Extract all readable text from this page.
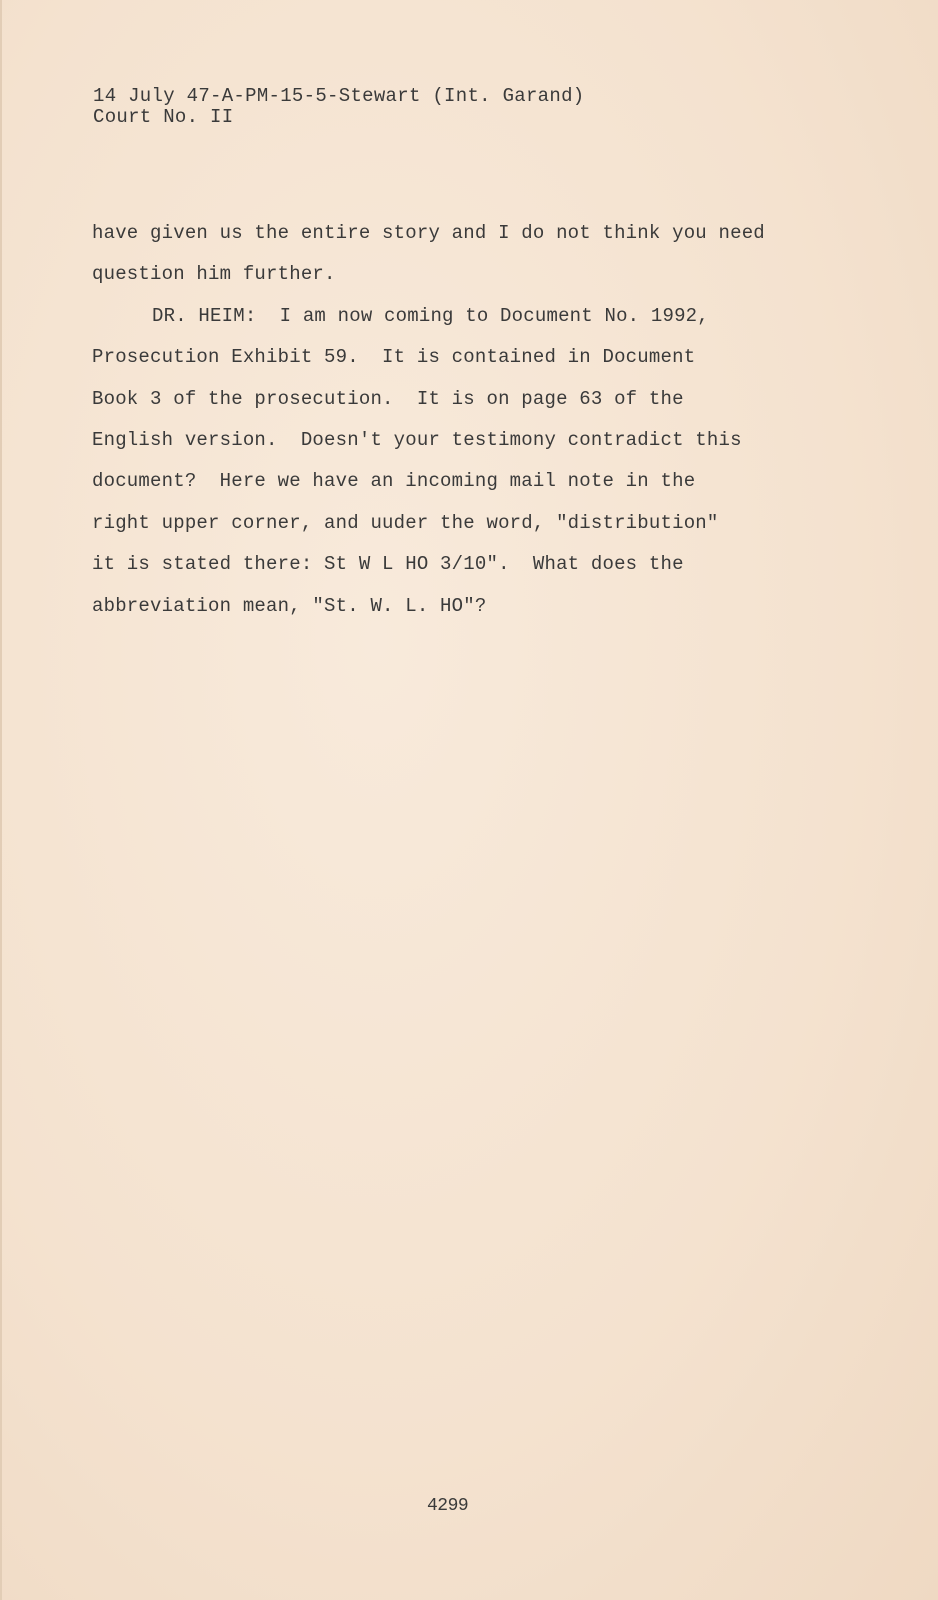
14 July 47-A-PM-15-5-Stewart (Int. Garand)
Court No. II

have given us the entire story and I do not think you need

question him further.

DR. HEIM:  I am now coming to Document No. 1992,

Prosecution Exhibit 59.  It is contained in Document

Book 3 of the prosecution.  It is on page 63 of the

English version.  Doesn't your testimony contradict this

document?  Here we have an incoming mail note in the

right upper corner, and uuder the word, "distribution"

it is stated there: St W L HO 3/10".  What does the

abbreviation mean, "St. W. L. HO"?

4299
